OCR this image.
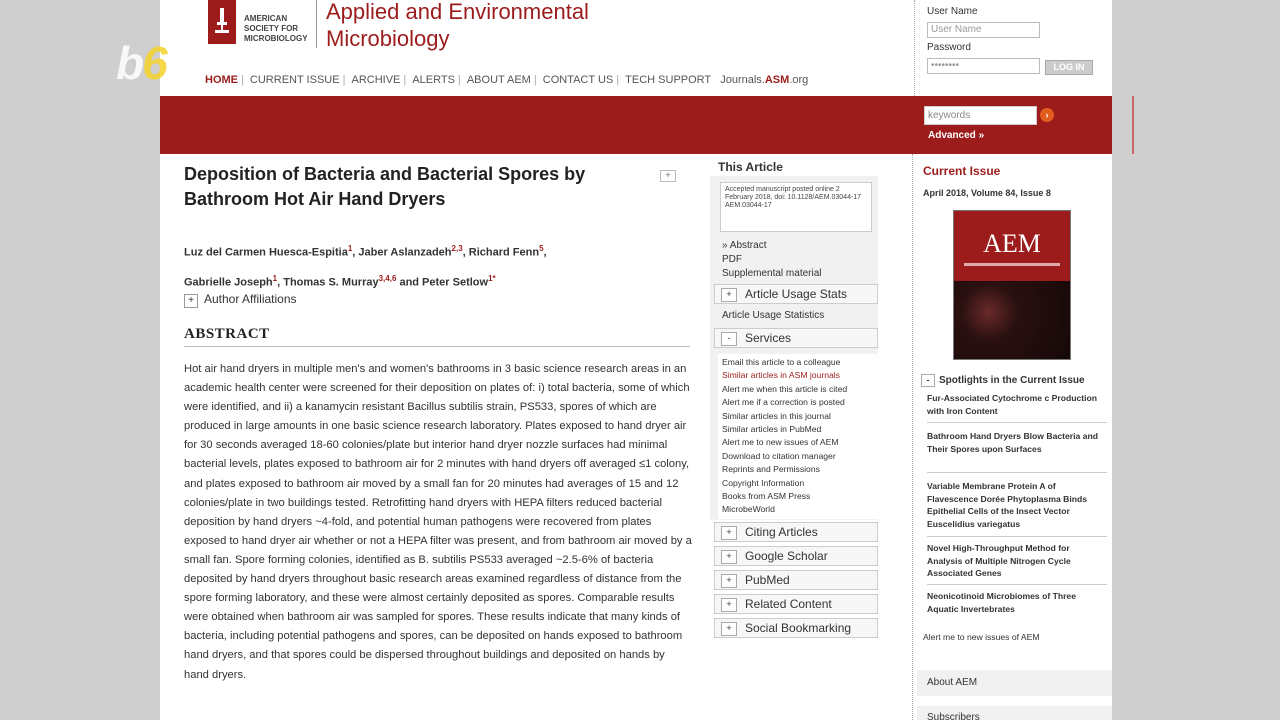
AMERICAN SOCIETY FOR MICROBIOLOGY
Applied and Environmental Microbiology
HOME | CURRENT ISSUE | ARCHIVE | ALERTS | ABOUT AEM | CONTACT US | TECH SUPPORT Journals.ASM.org
User Name
User Name
Password
••••••••	LOG IN
keywords	›
Advanced »
Deposition of Bacteria and Bacterial Spores by Bathroom Hot Air Hand Dryers
+
Luz del Carmen Huesca-Espitia$^1$, Jaber Aslanzadeh$^{2,3}$, Richard Fenn$^5$,
Gabrielle Joseph$^1$, Thomas S. Murray$^{3,4,6}$ and Peter Setlow$^{1*}$
+ Author Affiliations
ABSTRACT
Hot air hand dryers in multiple men's and women's bathrooms in 3 basic science research areas in an academic health center were screened for their deposition on plates of: i) total bacteria, some of which were identified, and ii) a kanamycin resistant Bacillus subtilis strain, PS533, spores of which are produced in large amounts in one basic science research laboratory. Plates exposed to hand dryer air for 30 seconds averaged 18-60 colonies/plate but interior hand dryer nozzle surfaces had minimal bacterial levels, plates exposed to bathroom air for 2 minutes with hand dryers off averaged ≤1 colony, and plates exposed to bathroom air moved by a small fan for 20 minutes had averages of 15 and 12 colonies/plate in two buildings tested. Retrofitting hand dryers with HEPA filters reduced bacterial deposition by hand dryers ~4-fold, and potential human pathogens were recovered from plates exposed to hand dryer air whether or not a HEPA filter was present, and from bathroom air moved by a small fan. Spore forming colonies, identified as B. subtilis PS533 averaged ~2.5-6% of bacteria deposited by hand dryers throughout basic research areas examined regardless of distance from the spore forming laboratory, and these were almost certainly deposited as spores. Comparable results were obtained when bathroom air was sampled for spores. These results indicate that many kinds of bacteria, including potential pathogens and spores, can be deposited on hands exposed to bathroom hand dryers, and that spores could be dispersed throughout buildings and deposited on hands by hand dryers.
This Article
Accepted manuscript posted online 2 February 2018, doi: 10.1128/AEM.03044-17
AEM.03044-17
» Abstract
PDF
Supplemental material
+ Article Usage Stats
Article Usage Statistics
- Services
Email this article to a colleague
Similar articles in ASM journals
Alert me when this article is cited
Alert me if a correction is posted
Similar articles in this journal
Similar articles in PubMed
Alert me to new issues of AEM
Download to citation manager
Reprints and Permissions
Copyright Information
Books from ASM Press
MicrobeWorld
+ Citing Articles
+ Google Scholar
+ PubMed
+ Related Content
+ Social Bookmarking
Current Issue
April 2018, Volume 84, Issue 8
AEM
- Spotlights in the Current Issue
Fur-Associated Cytochrome c Production with Iron Content
Bathroom Hand Dryers Blow Bacteria and Their Spores upon Surfaces
Variable Membrane Protein A of Flavescence Dorée Phytoplasma Binds Epithelial Cells of the Insect Vector Euscelidius variegatus
Novel High-Throughput Method for Analysis of Multiple Nitrogen Cycle Associated Genes
Neonicotinoid Microbiomes of Three Aquatic Invertebrates
Alert me to new issues of AEM
About AEM
Subscribers
b6
